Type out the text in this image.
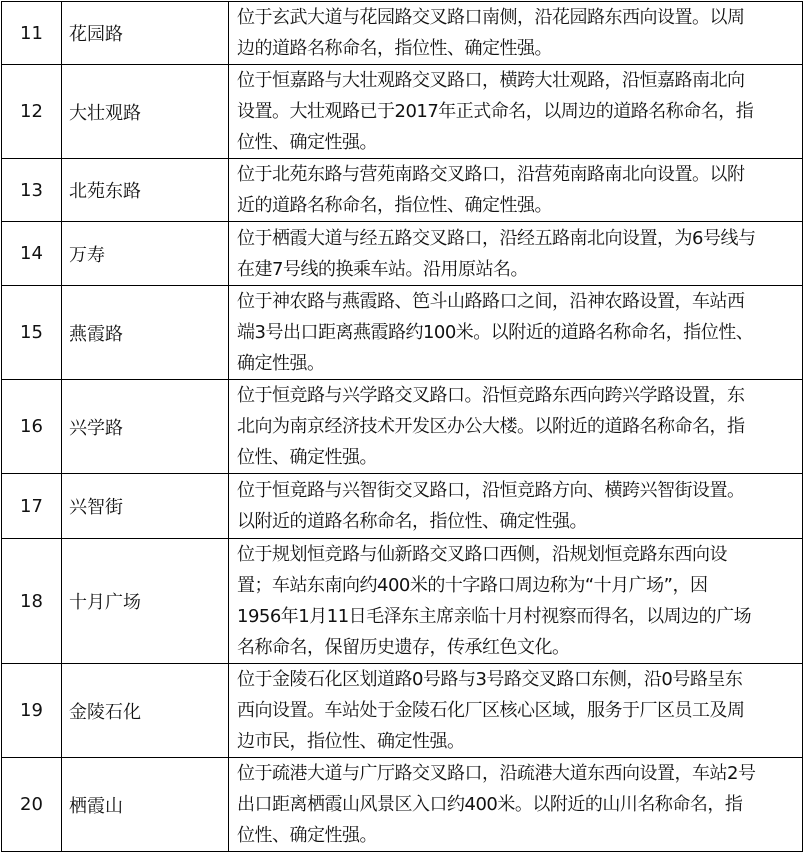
11	花园路	位于玄武大道与花园路交叉路口南侧，沿花园路东西向设置。以周
边的道路名称命名，指位性、确定性强。
12	大壮观路	位于恒嘉路与大壮观路交叉路口，横跨大壮观路，沿恒嘉路南北向
设置。大壮观路已于2017年正式命名，以周边的道路名称命名，指
位性、确定性强。
13	北苑东路	位于北苑东路与营苑南路交叉路口，沿营苑南路南北向设置。以附
近的道路名称命名，指位性、确定性强。
14	万寿	位于栖霞大道与经五路交叉路口，沿经五路南北向设置，为6号线与
在建7号线的换乘车站。沿用原站名。
15	燕霞路	位于神农路与燕霞路、笆斗山路路口之间，沿神农路设置，车站西
端3号出口距离燕霞路约100米。以附近的道路名称命名，指位性、
确定性强。
16	兴学路	位于恒竞路与兴学路交叉路口。沿恒竞路东西向跨兴学路设置，东
北向为南京经济技术开发区办公大楼。以附近的道路名称命名，指
位性、确定性强。
17	兴智街	位于恒竟路与兴智街交叉路口，沿恒竞路方向、横跨兴智街设置。
以附近的道路名称命名，指位性、确定性强。
18	十月广场	位于规划恒竞路与仙新路交叉路口西侧，沿规划恒竞路东西向设
置；车站东南向约400米的十字路口周边称为“十月广场”，因
1956年1月11日毛泽东主席亲临十月村视察而得名，以周边的广场
名称命名，保留历史遗存，传承红色文化。
19	金陵石化	位于金陵石化区划道路0号路与3号路交叉路口东侧，沿0号路呈东
西向设置。车站处于金陵石化厂区核心区域，服务于厂区员工及周
边市民，指位性、确定性强。
20	栖霞山	位于疏港大道与广厅路交叉路口，沿疏港大道东西向设置，车站2号
出口距离栖霞山风景区入口约400米。以附近的山川名称命名，指
位性、确定性强。
